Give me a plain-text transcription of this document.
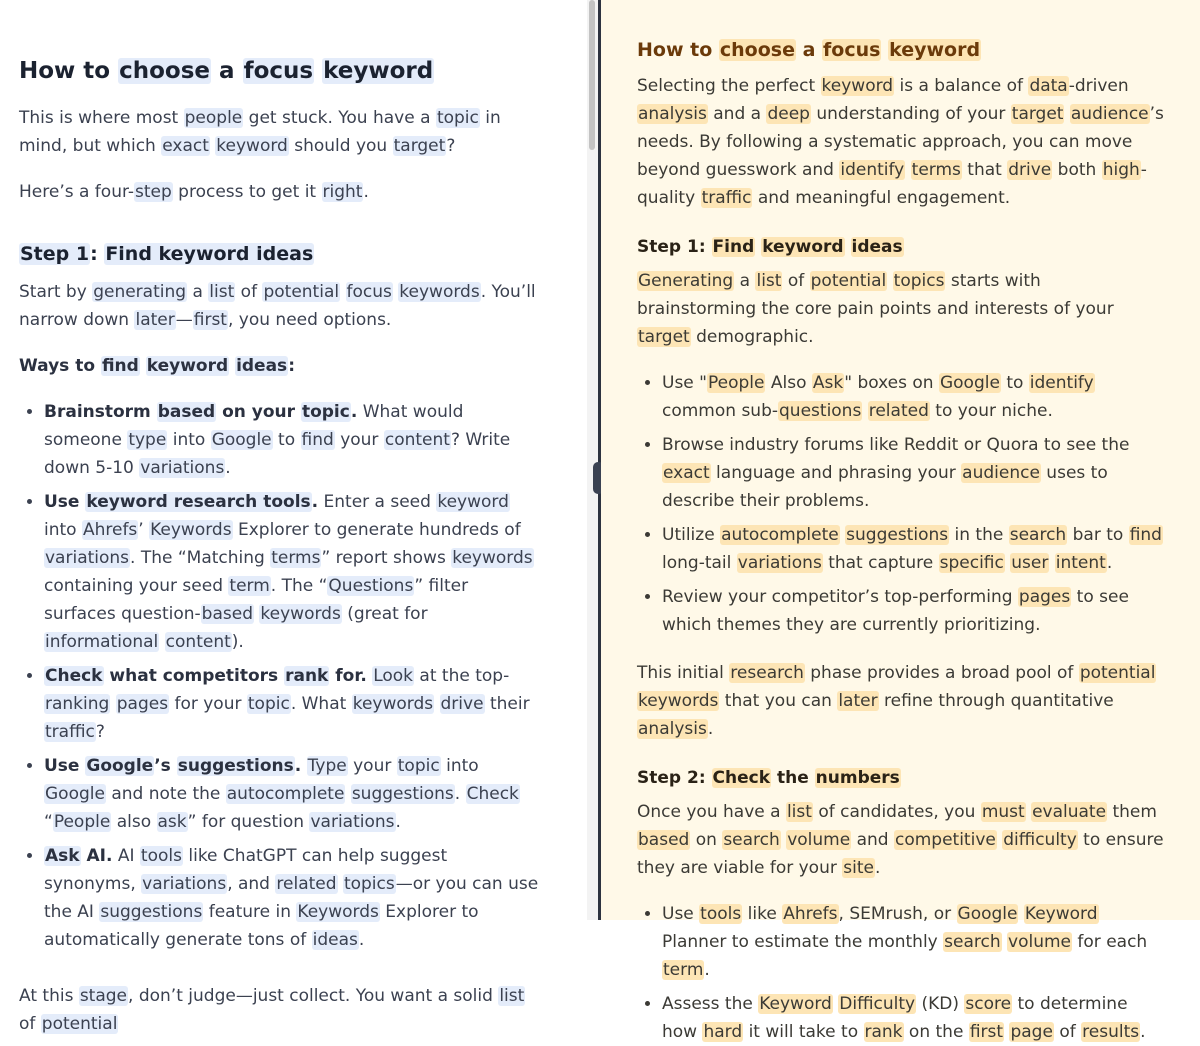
How to choose a focus keyword

This is where most people get stuck. You have a topic in mind, but which exact keyword should you target?

Here’s a four-step process to get it right.

Step 1: Find keyword ideas

Start by generating a list of potential focus keywords. You’ll narrow down later—first, you need options.

Ways to find keyword ideas:
• Brainstorm based on your topic. What would someone type into Google to find your content? Write down 5-10 variations.
• Use keyword research tools. Enter a seed keyword into Ahrefs’ Keywords Explorer to generate hundreds of variations. The “Matching terms” report shows keywords containing your seed term. The “Questions” filter surfaces question-based keywords (great for informational content).
• Check what competitors rank for. Look at the top-ranking pages for your topic. What keywords drive their traffic?
• Use Google’s suggestions. Type your topic into Google and note the autocomplete suggestions. Check “People also ask” for question variations.
• Ask AI. AI tools like ChatGPT can help suggest synonyms, variations, and related topics—or you can use the AI suggestions feature in Keywords Explorer to automatically generate tons of ideas.

At this stage, don’t judge—just collect. You want a solid list of potential

How to choose a focus keyword

Selecting the perfect keyword is a balance of data-driven analysis and a deep understanding of your target audience’s needs. By following a systematic approach, you can move beyond guesswork and identify terms that drive both high-quality traffic and meaningful engagement.

Step 1: Find keyword ideas

Generating a list of potential topics starts with brainstorming the core pain points and interests of your target demographic.

• Use "People Also Ask" boxes on Google to identify common sub-questions related to your niche.
• Browse industry forums like Reddit or Quora to see the exact language and phrasing your audience uses to describe their problems.
• Utilize autocomplete suggestions in the search bar to find long-tail variations that capture specific user intent.
• Review your competitor’s top-performing pages to see which themes they are currently prioritizing.

This initial research phase provides a broad pool of potential keywords that you can later refine through quantitative analysis.

Step 2: Check the numbers

Once you have a list of candidates, you must evaluate them based on search volume and competitive difficulty to ensure they are viable for your site.

• Use tools like Ahrefs, SEMrush, or Google Keyword Planner to estimate the monthly search volume for each term.
• Assess the Keyword Difficulty (KD) score to determine how hard it will take to rank on the first page of results.
